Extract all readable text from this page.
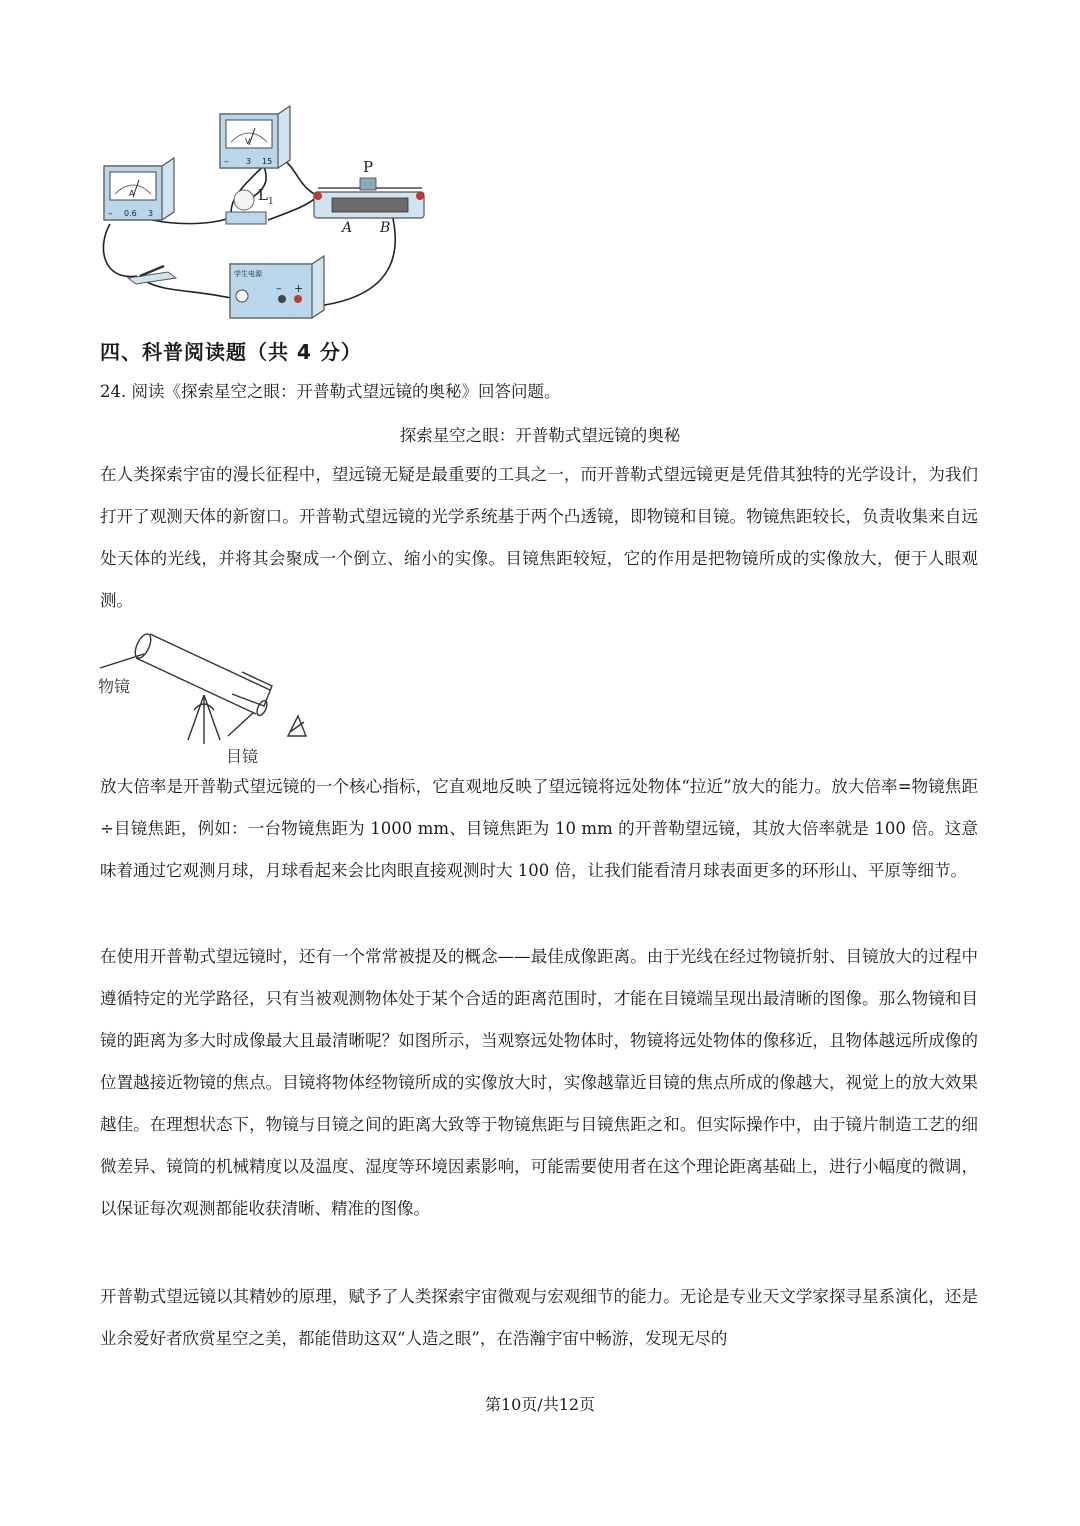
A
– 0.6 3
V
– 3 15
L 1
P
A B
学生电源
– +
四、科普阅读题（共 4 分）
24. 阅读《探索星空之眼：开普勒式望远镜的奥秘》回答问题。
探索星空之眼：开普勒式望远镜的奥秘

在人类探索宇宙的漫长征程中，望远镜无疑是最重要的工具之一，而开普勒式望远镜更是凭借其独特的光学设计，为我们打开了观测天体的新窗口。开普勒式望远镜的光学系统基于两个凸透镜，即物镜和目镜。物镜焦距较长，负责收集来自远处天体的光线，并将其会聚成一个倒立、缩小的实像。目镜焦距较短，它的作用是把物镜所成的实像放大，便于人眼观测。

物镜
目镜

放大倍率是开普勒式望远镜的一个核心指标，它直观地反映了望远镜将远处物体“拉近”放大的能力。放大倍率=物镜焦距÷目镜焦距，例如：一台物镜焦距为 1000 mm、目镜焦距为 10 mm 的开普勒望远镜，其放大倍率就是 100 倍。这意味着通过它观测月球，月球看起来会比肉眼直接观测时大 100 倍，让我们能看清月球表面更多的环形山、平原等细节。

在使用开普勒式望远镜时，还有一个常常被提及的概念——最佳成像距离。由于光线在经过物镜折射、目镜放大的过程中遵循特定的光学路径，只有当被观测物体处于某个合适的距离范围时，才能在目镜端呈现出最清晰的图像。那么物镜和目镜的距离为多大时成像最大且最清晰呢？如图所示，当观察远处物体时，物镜将远处物体的像移近，且物体越远所成像的位置越接近物镜的焦点。目镜将物体经物镜所成的实像放大时，实像越靠近目镜的焦点所成的像越大，视觉上的放大效果越佳。在理想状态下，物镜与目镜之间的距离大致等于物镜焦距与目镜焦距之和。但实际操作中，由于镜片制造工艺的细微差异、镜筒的机械精度以及温度、湿度等环境因素影响，可能需要使用者在这个理论距离基础上，进行小幅度的微调，以保证每次观测都能收获清晰、精准的图像。

开普勒式望远镜以其精妙的原理，赋予了人类探索宇宙微观与宏观细节的能力。无论是专业天文学家探寻星系演化，还是业余爱好者欣赏星空之美，都能借助这双“人造之眼”，在浩瀚宇宙中畅游，发现无尽的

第10页/共12页
